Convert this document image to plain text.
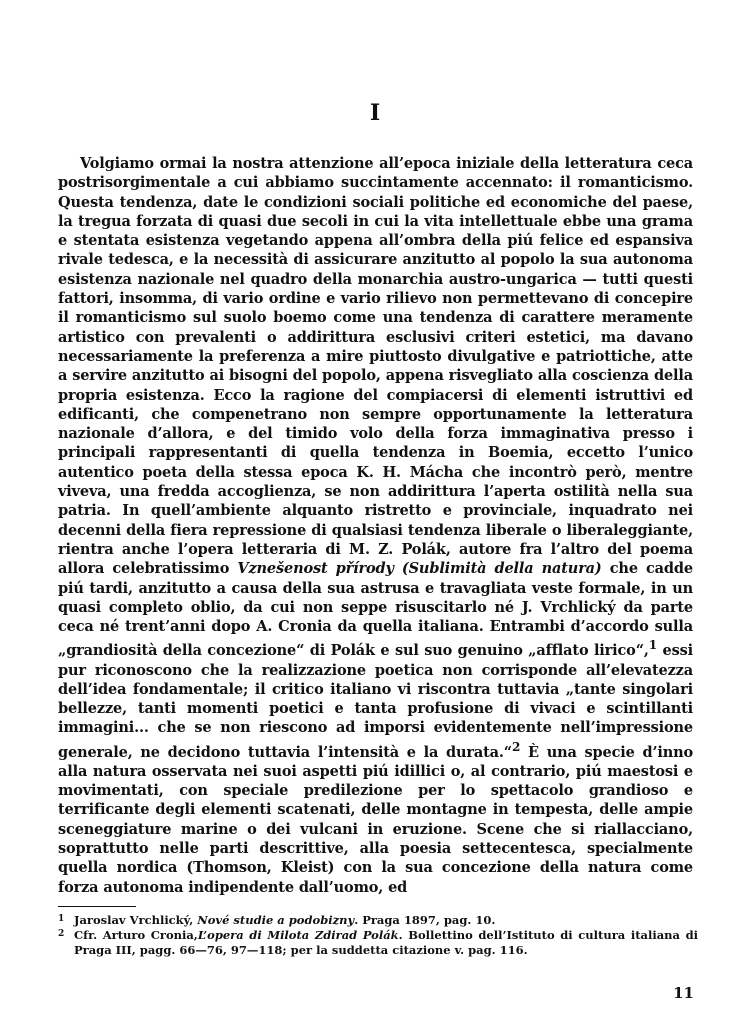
I

Volgiamo ormai la nostra attenzione all’epoca iniziale della letteratura ceca postrisorgimentale a cui abbiamo succintamente accennato: il romanticismo. Questa tendenza, date le condizioni sociali politiche ed economiche del paese, la tregua forzata di quasi due secoli in cui la vita intellettuale ebbe una grama e stentata esistenza vegetando appena all’ombra della piú felice ed espansiva rivale tedesca, e la necessità di assicurare anzitutto al popolo la sua autonoma esistenza nazionale nel quadro della monarchia austro-ungarica — tutti questi fattori, insomma, di vario ordine e vario rilievo non permettevano di concepire il romanticismo sul suolo boemo come una tendenza di carattere meramente artistico con prevalenti o addirittura esclusivi criteri estetici, ma davano necessariamente la preferenza a mire piuttosto divulgative e patriottiche, atte a servire anzitutto ai bisogni del popolo, appena risvegliato alla coscienza della propria esistenza. Ecco la ragione del compiacersi di elementi istruttivi ed edificanti, che compenetrano non sempre opportunamente la letteratura nazionale d’allora, e del timido volo della forza immaginativa presso i principali rappresentanti di quella tendenza in Boemia, eccetto l’unico autentico poeta della stessa epoca K. H. Mácha che incontrò però, mentre viveva, una fredda accoglienza, se non addirittura l’aperta ostilità nella sua patria. In quell’ambiente alquanto ristretto e provinciale, inquadrato nei decenni della fiera repressione di qualsiasi tendenza liberale o liberaleggiante, rientra anche l’opera letteraria di M. Z. Polák, autore fra l’altro del poema allora celebratissimo Vznešenost přírody (Sublimità della natura) che cadde piú tardi, anzitutto a causa della sua astrusa e travagliata veste formale, in un quasi completo oblio, da cui non seppe risuscitarlo né J. Vrchlický da parte ceca né trent’anni dopo A. Cronia da quella italiana. Entrambi d’accordo sulla „grandiosità della concezione“ di Polák e sul suo genuino „afflato lirico“,$^1$ essi pur riconoscono che la realizzazione poetica non corrisponde all’elevatezza dell’idea fondamentale; il critico italiano vi riscontra tuttavia „tante singolari bellezze, tanti momenti poetici e tanta profusione di vivaci e scintillanti immagini... che se non riescono ad imporsi evidentemente nell’impressione generale, ne decidono tuttavia l’intensità e la durata.“$^2$ È una specie d’inno alla natura osservata nei suoi aspetti piú idillici o, al contrario, piú maestosi e movimentati, con speciale predilezione per lo spettacolo grandioso e terrificante degli elementi scatenati, delle montagne in tempesta, delle ampie sceneggiature marine o dei vulcani in eruzione. Scene che si riallacciano, soprattutto nelle parti descrittive, alla poesia settecentesca, specialmente quella nordica (Thomson, Kleist) con la sua concezione della natura come forza autonoma indipendente dall’uomo, ed

1 Jaroslav Vrchlický, Nové studie a podobizny. Praga 1897, pag. 10.
2 Cfr. Arturo Cronia,L’opera di Milota Zdirad Polák. Bollettino dell’Istituto di cultura italiana di Praga III, pagg. 66—76, 97—118; per la suddetta citazione v. pag. 116.
11
